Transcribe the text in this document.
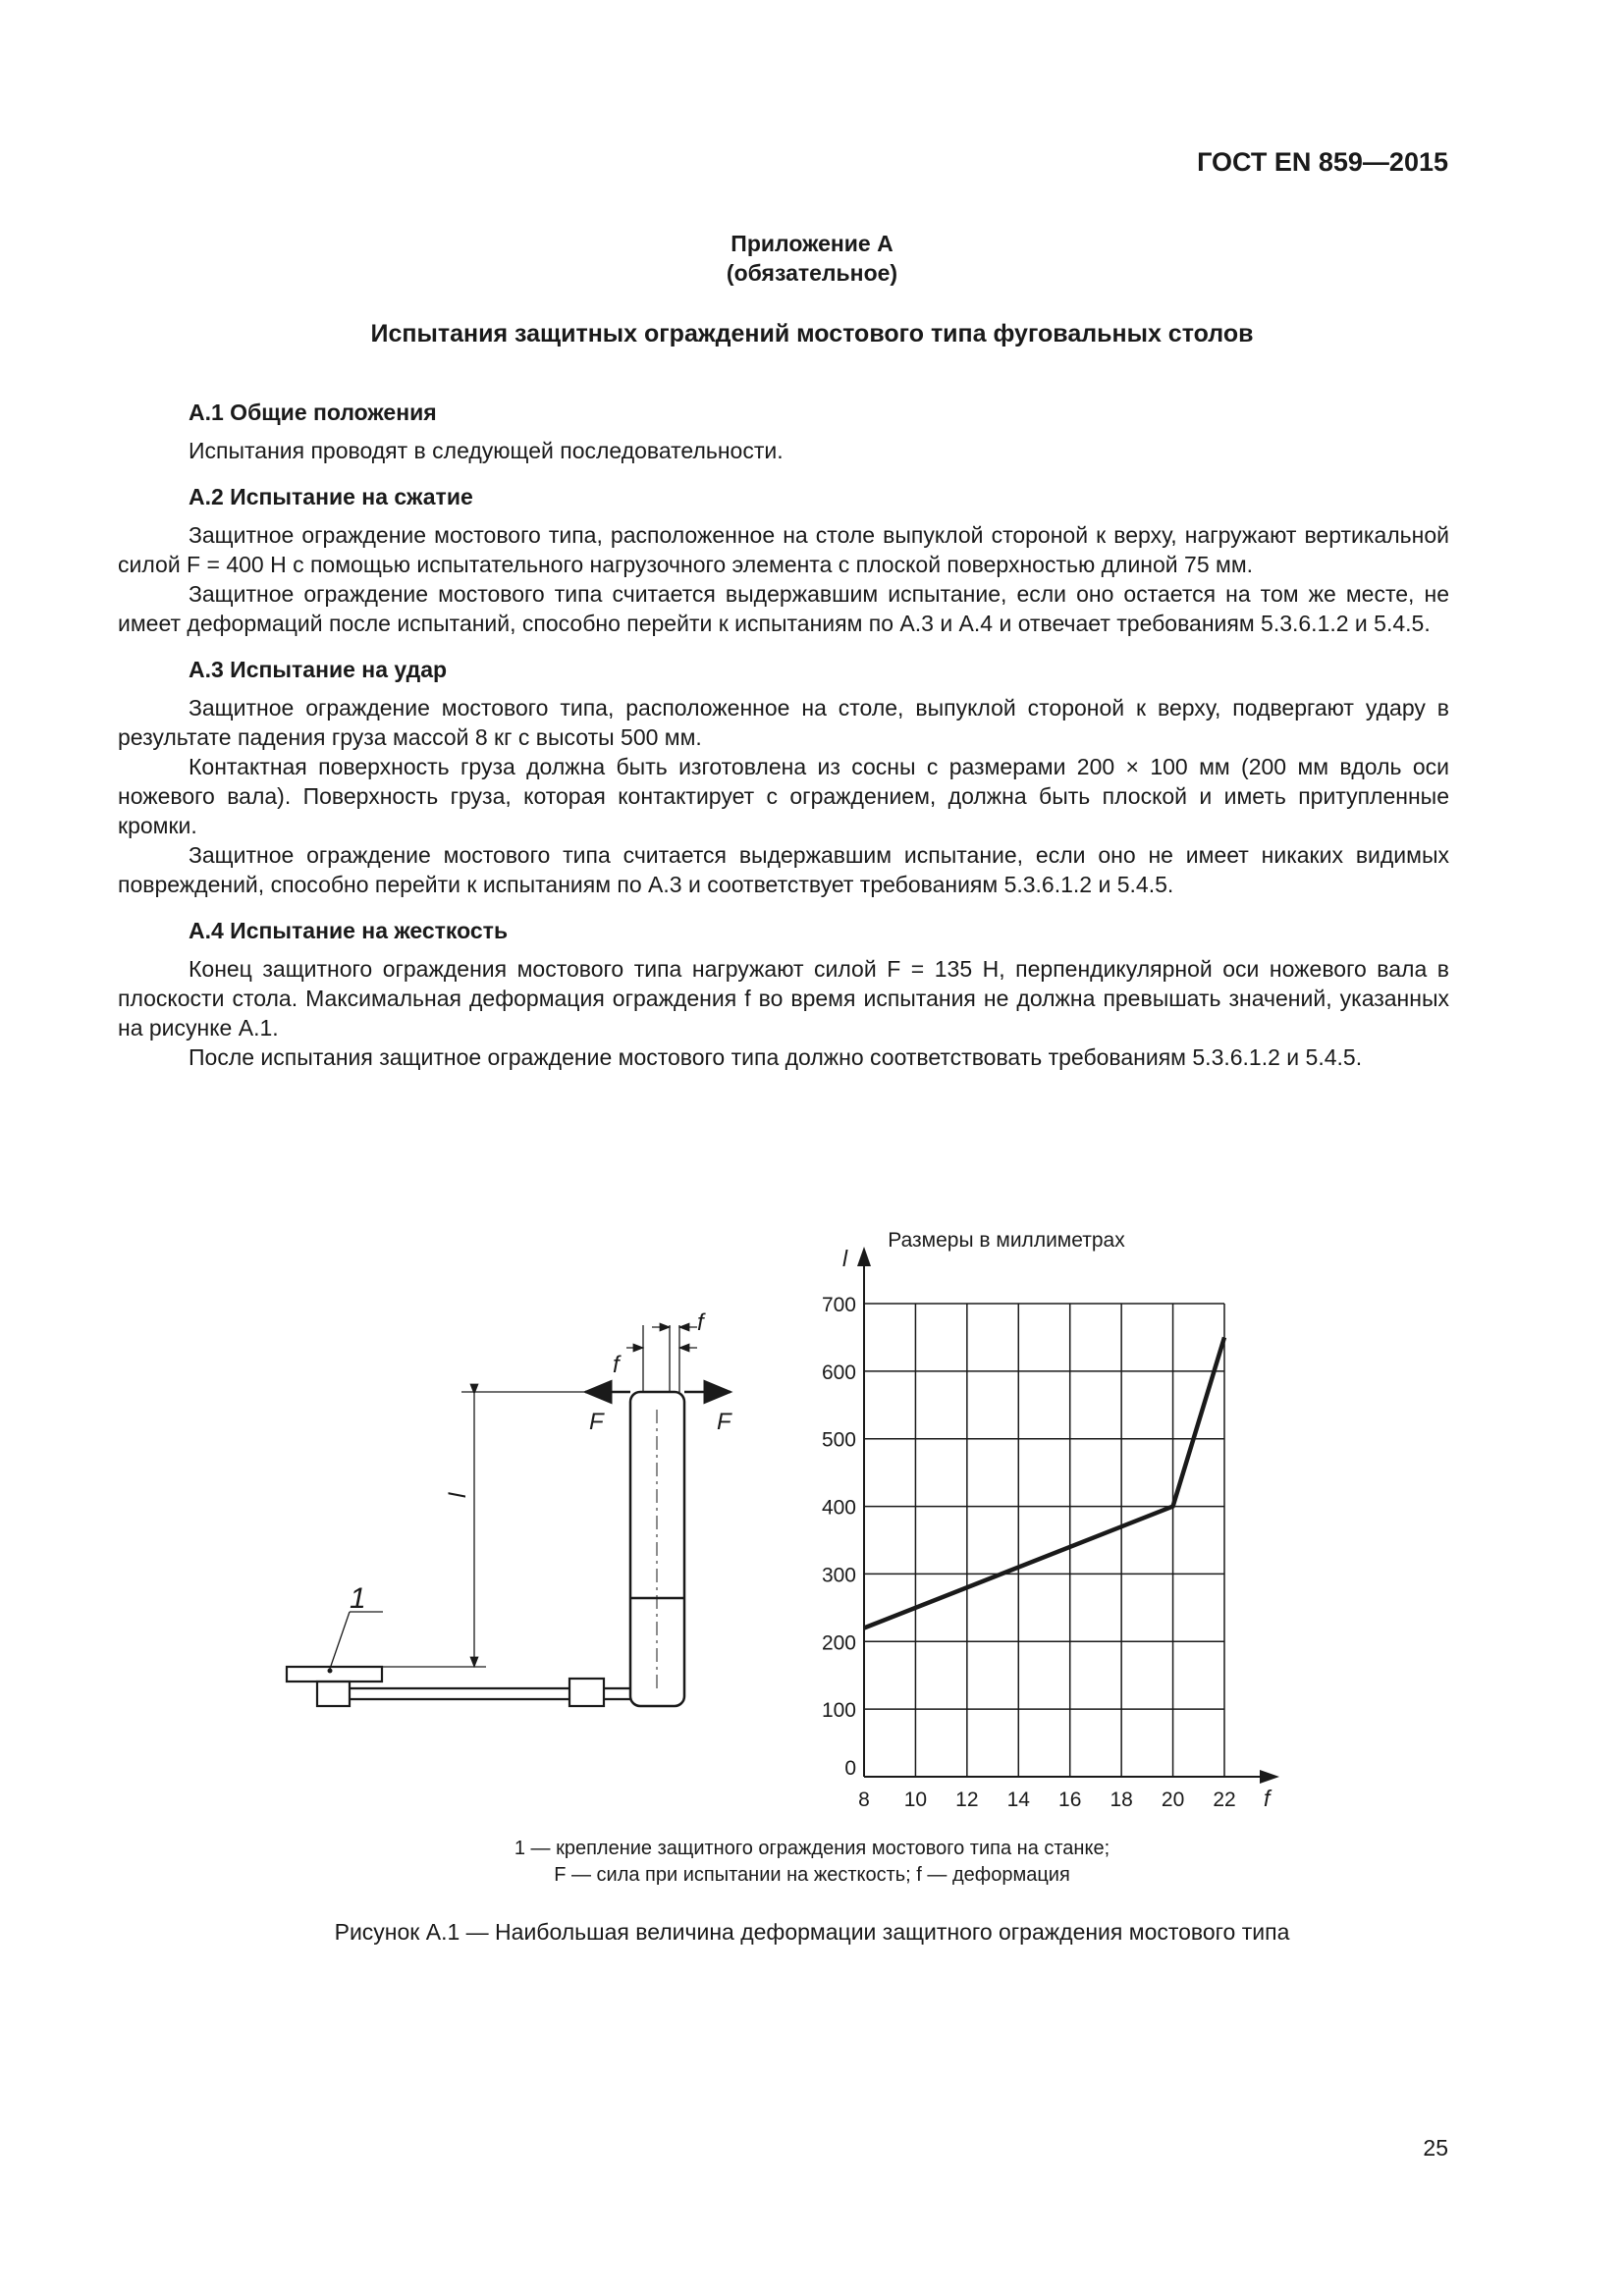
ГОСТ EN 859—2015
Приложение А
(обязательное)
Испытания защитных ограждений мостового типа фуговальных столов
А.1 Общие положения

Испытания проводят в следующей последовательности.

А.2 Испытание на сжатие

Защитное ограждение мостового типа, расположенное на столе выпуклой стороной к верху, нагружают вертикальной силой F = 400 Н с помощью испытательного нагрузочного элемента с плоской поверхностью длиной 75 мм.

Защитное ограждение мостового типа считается выдержавшим испытание, если оно остается на том же месте, не имеет деформаций после испытаний, способно перейти к испытаниям по А.3 и А.4 и отвечает требованиям 5.3.6.1.2 и 5.4.5.

А.3 Испытание на удар

Защитное ограждение мостового типа, расположенное на столе, выпуклой стороной к верху, подвергают удару в результате падения груза массой 8 кг с высоты 500 мм.

Контактная поверхность груза должна быть изготовлена из сосны с размерами 200 × 100 мм (200 мм вдоль оси ножевого вала). Поверхность груза, которая контактирует с ограждением, должна быть плоской и иметь притупленные кромки.

Защитное ограждение мостового типа считается выдержавшим испытание, если оно не имеет никаких видимых повреждений, способно перейти к испытаниям по А.3 и соответствует требованиям 5.3.6.1.2 и 5.4.5.

А.4 Испытание на жесткость

Конец защитного ограждения мостового типа нагружают силой F = 135 Н, перпендикулярной оси ножевого вала в плоскости стола. Максимальная деформация ограждения f во время испытания не должна превышать значений, указанных на рисунке А.1.

После испытания защитное ограждение мостового типа должно соответствовать требованиям 5.3.6.1.2 и 5.4.5.

f
f
F	F
l
1
Размеры в миллиметрах
8 10 12 14 16 18 20 22
0
100
200
300
400
500
600
700
f
l
1 — крепление защитного ограждения мостового типа на станке;
F — сила при испытании на жесткость; f — деформация
Рисунок А.1 — Наибольшая величина деформации защитного ограждения мостового типа
25
